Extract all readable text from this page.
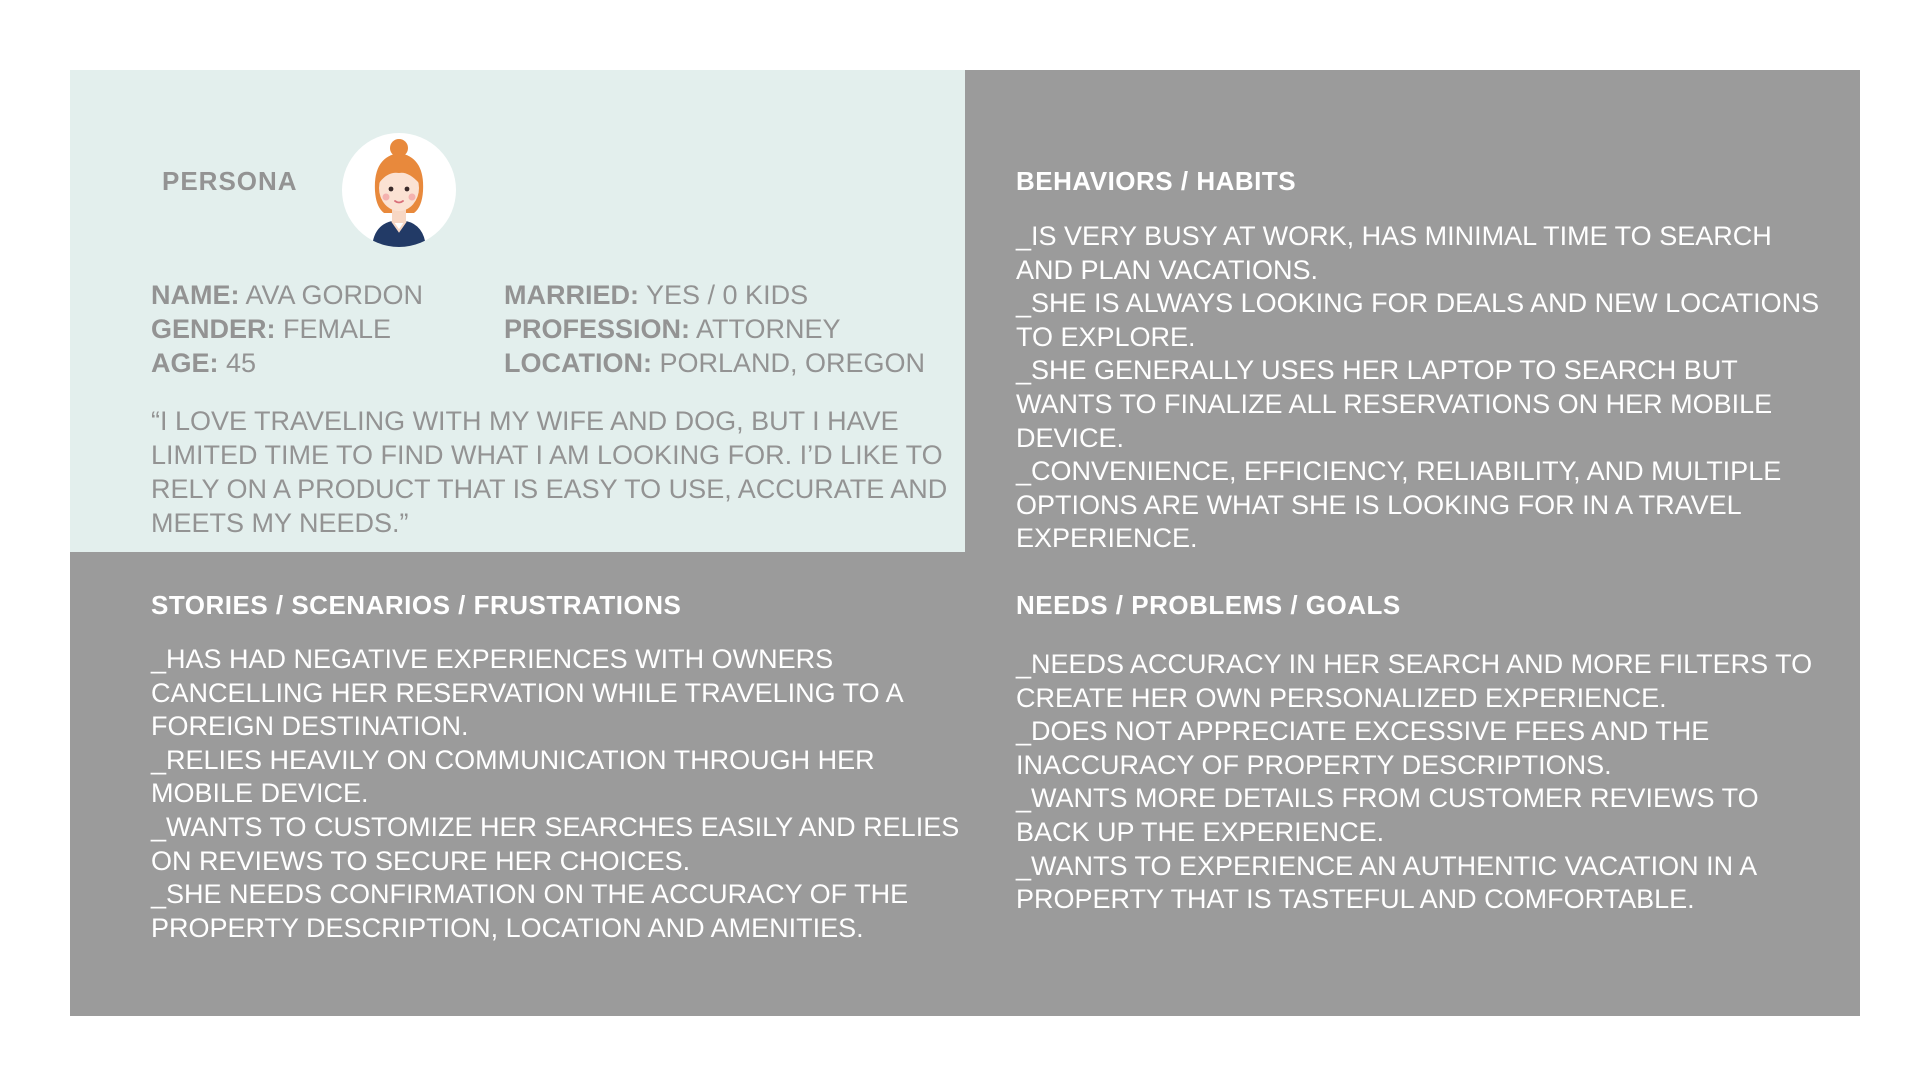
PERSONA
NAME: AVA GORDON
GENDER: FEMALE
AGE: 45
MARRIED: YES / 0 KIDS
PROFESSION: ATTORNEY
LOCATION: PORLAND, OREGON
“I LOVE TRAVELING WITH MY WIFE AND DOG, BUT I HAVE
LIMITED TIME TO FIND WHAT I AM LOOKING FOR. I’D LIKE TO
RELY ON A PRODUCT THAT IS EASY TO USE, ACCURATE AND
MEETS MY NEEDS.”
BEHAVIORS / HABITS
_IS VERY BUSY AT WORK, HAS MINIMAL TIME TO SEARCH
AND PLAN VACATIONS.
_SHE IS ALWAYS LOOKING FOR DEALS AND NEW LOCATIONS
TO EXPLORE.
_SHE GENERALLY USES HER LAPTOP TO SEARCH BUT
WANTS TO FINALIZE ALL RESERVATIONS ON HER MOBILE
DEVICE.
_CONVENIENCE, EFFICIENCY, RELIABILITY, AND MULTIPLE
OPTIONS ARE WHAT SHE IS LOOKING FOR IN A TRAVEL
EXPERIENCE.
STORIES / SCENARIOS / FRUSTRATIONS
_HAS HAD NEGATIVE EXPERIENCES WITH OWNERS
CANCELLING HER RESERVATION WHILE TRAVELING TO A
FOREIGN DESTINATION.
_RELIES HEAVILY ON COMMUNICATION THROUGH HER
MOBILE DEVICE.
_WANTS TO CUSTOMIZE HER SEARCHES EASILY AND RELIES
ON REVIEWS TO SECURE HER CHOICES.
_SHE NEEDS CONFIRMATION ON THE ACCURACY OF THE
PROPERTY DESCRIPTION, LOCATION AND AMENITIES.
NEEDS / PROBLEMS / GOALS
_NEEDS ACCURACY IN HER SEARCH AND MORE FILTERS TO
CREATE HER OWN PERSONALIZED EXPERIENCE.
_DOES NOT APPRECIATE EXCESSIVE FEES AND THE
INACCURACY OF PROPERTY DESCRIPTIONS.
_WANTS MORE DETAILS FROM CUSTOMER REVIEWS TO
BACK UP THE EXPERIENCE.
_WANTS TO EXPERIENCE AN AUTHENTIC VACATION IN A
PROPERTY THAT IS TASTEFUL AND COMFORTABLE.
